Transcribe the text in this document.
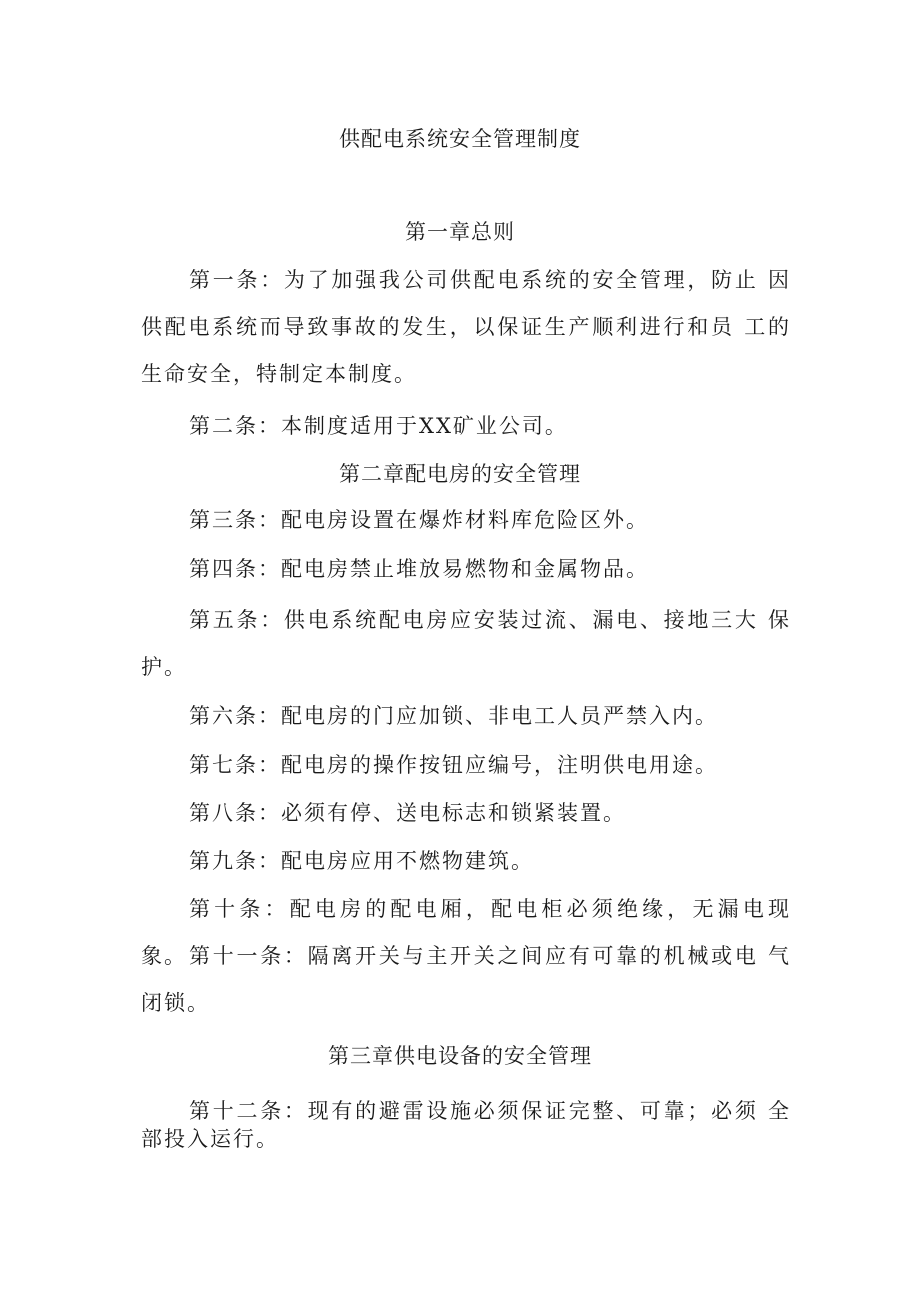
供配电系统安全管理制度
第一章总则
第一条：为了加强我公司供配电系统的安全管理，防止 因供配电系统而导致事故的发生，以保证生产顺利进行和员 工的生命安全，特制定本制度。
第二条：本制度适用于XX矿业公司。
第二章配电房的安全管理
第三条：配电房设置在爆炸材料库危险区外。
第四条：配电房禁止堆放易燃物和金属物品。
第五条：供电系统配电房应安装过流、漏电、接地三大 保护。
第六条：配电房的门应加锁、非电工人员严禁入内。
第七条：配电房的操作按钮应编号，注明供电用途。
第八条：必须有停、送电标志和锁紧装置。
第九条：配电房应用不燃物建筑。
第十条：配电房的配电厢，配电柜必须绝缘，无漏电现 象。 第十一条：隔离开关与主开关之间应有可靠的机械或电 气闭锁。
第三章供电设备的安全管理
第十二条：现有的避雷设施必须保证完整、可靠；必须 全部投入运行。
